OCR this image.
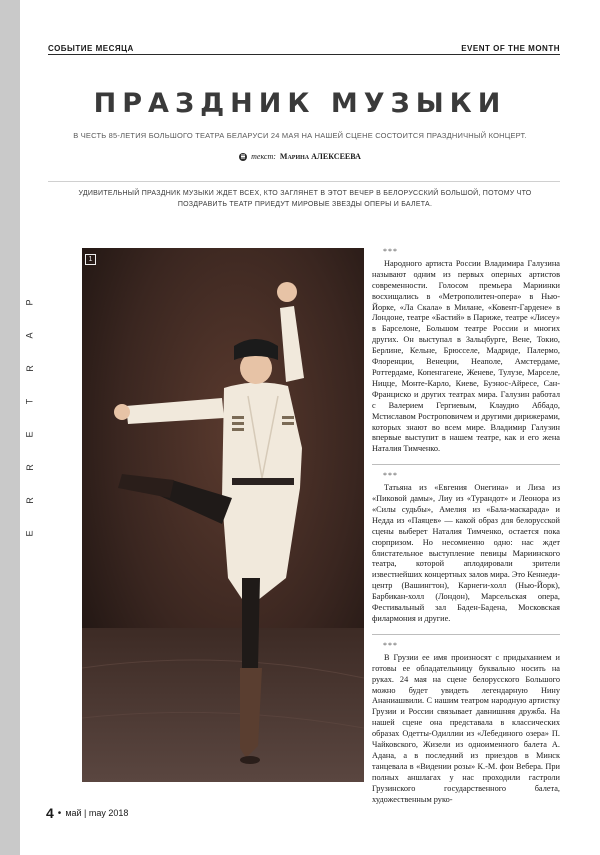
P
A
R
T
E
R
R
E
СОБЫТИЕ МЕСЯЦА	EVENT OF THE MONTH
ПРАЗДНИК МУЗЫКИ
В ЧЕСТЬ 85-ЛЕТИЯ БОЛЬШОГО ТЕАТРА БЕЛАРУСИ 24 МАЯ НА НАШЕЙ СЦЕНЕ СОСТОИТСЯ ПРАЗДНИЧНЫЙ КОНЦЕРТ.
текст: Марина АЛЕКСЕЕВА
УДИВИТЕЛЬНЫЙ ПРАЗДНИК МУЗЫКИ ЖДЕТ ВСЕХ, КТО ЗАГЛЯНЕТ В ЭТОТ ВЕЧЕР В БЕЛОРУССКИЙ БОЛЬШОЙ, ПОТОМУ ЧТО ПОЗДРАВИТЬ ТЕАТР ПРИЕДУТ МИРОВЫЕ ЗВЕЗДЫ ОПЕРЫ И БАЛЕТА.
1
***

Народного артиста России Владимира Галузина называют одним из первых оперных артистов современности. Голосом премьера Мариинки восхищались в «Метрополитен-опера» в Нью-Йорке, «Ла Скала» в Милане, «Ковент-Гардене» в Лондоне, театре «Бастий» в Париже, театре «Лисеу» в Барселоне, Большом театре России и многих других. Он выступал в Зальцбурге, Вене, Токио, Берлине, Кельне, Брюсселе, Мадриде, Палермо, Флоренции, Венеции, Неаполе, Амстердаме, Роттердаме, Копенгагене, Женеве, Тулузе, Марселе, Ницце, Монте-Карло, Киеве, Буэнос-Айресе, Сан-Франциско и других театрах мира. Галузин работал с Валерием Гергиевым, Клаудио Аббадо, Мстиславом Ростроповичем и другими дирижерами, которых знают во всем мире. Владимир Галузин впервые выступит в нашем театре, как и его жена Наталия Тимченко.

***

Татьяна из «Евгения Онегина» и Лиза из «Пиковой дамы», Лиу из «Турандот» и Леонора из «Силы судьбы», Амелия из «Бала-маскарада» и Недда из «Паяцев» — какой образ для белорусской сцены выберет Наталия Тимченко, остается пока сюрпризом. Но несомненно одно: нас ждет блистательное выступление певицы Мариинского театра, которой аплодировали зрители известнейших концертных залов мира. Это Кеннеди-центр (Вашингтон), Карнеги-холл (Нью-Йорк), Барбикан-холл (Лондон), Марсельская опера, Фестивальный зал Баден-Бадена, Московская филармония и другие.

***

В Грузии ее имя произносят с придыханием и готовы ее обладательницу буквально носить на руках. 24 мая на сцене белорусского Большого можно будет увидеть легендарную Нину Ананиашвили. С нашим театром народную артистку Грузии и России связывает давнишняя дружба. На нашей сцене она представала в классических образах Одетты-Одиллии из «Лебединого озера» П. Чайковского, Жизели из одноименного балета А. Адана, а в последний из приездов в Минск танцевала в «Видении розы» К.-М. фон Вебера. При полных аншлагах у нас проходили гастроли Грузинского государственного балета, художественным руко-

4 • май | may 2018
